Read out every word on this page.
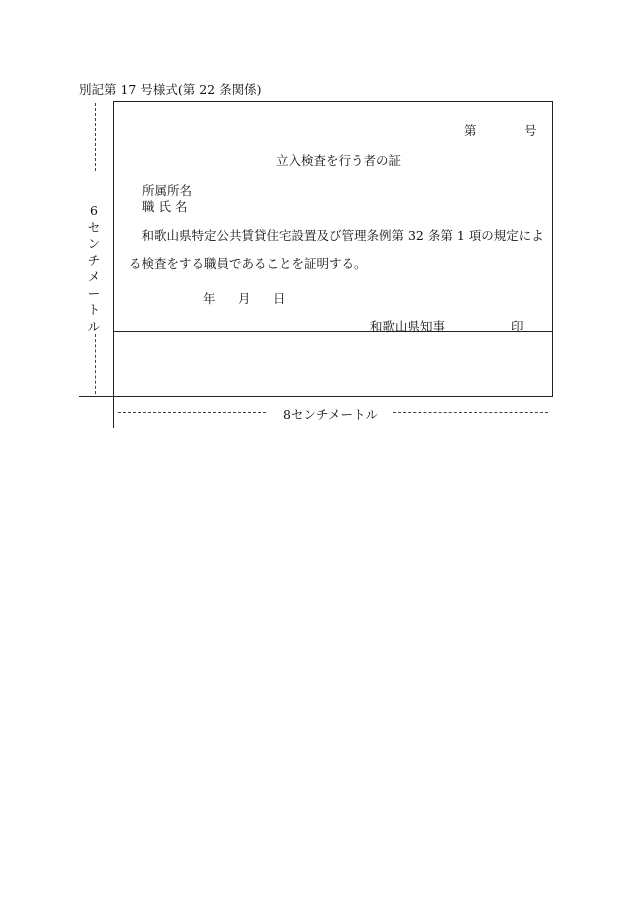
別記第 17 号様式(第 22 条関係)
第	号
立入検査を行う者の証
所属所名
職 氏 名
和歌山県特定公共賃貸住宅設置及び管理条例第 32 条第 1 項の規定による検査をする職員であることを証明する。
年 月 日
和歌山県知事	印
6センチメートル
8センチメートル
